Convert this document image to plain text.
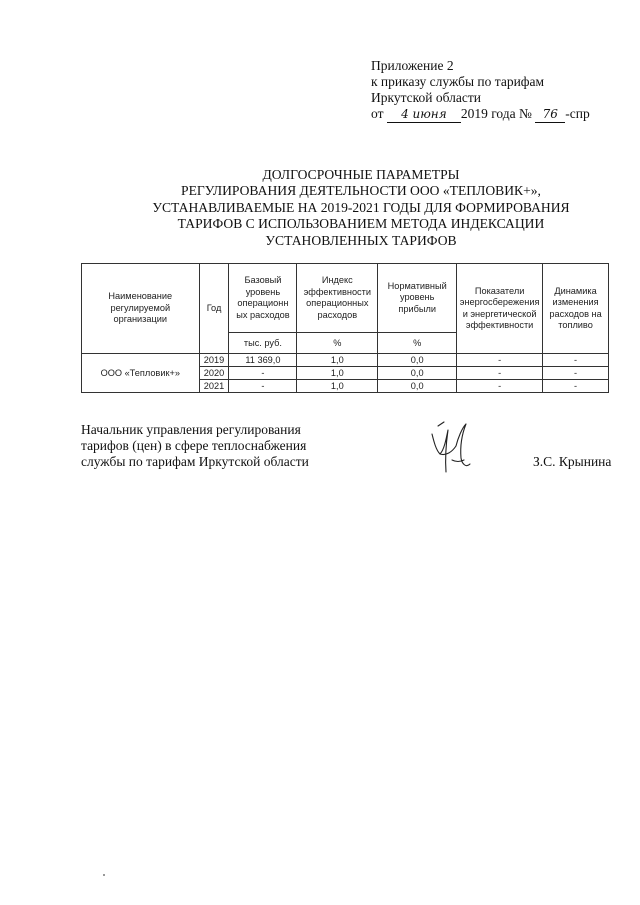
Приложение 2
к приказу службы по тарифам
Иркутской области
от 4 июня 2019 года № 76 -спр
ДОЛГОСРОЧНЫЕ ПАРАМЕТРЫ
РЕГУЛИРОВАНИЯ ДЕЯТЕЛЬНОСТИ ООО «ТЕПЛОВИК+»,
УСТАНАВЛИВАЕМЫЕ НА 2019-2021 ГОДЫ ДЛЯ ФОРМИРОВАНИЯ
ТАРИФОВ С ИСПОЛЬЗОВАНИЕМ МЕТОДА ИНДЕКСАЦИИ
УСТАНОВЛЕННЫХ ТАРИФОВ
Наименование регулируемой организации	Год	Базовый уровень операционн ых расходов	Индекс эффективности операционных расходов	Нормативный уровень прибыли	Показатели энергосбережения и энергетической эффективности	Динамика изменения расходов на топливо
		тыс. руб.	%	%		
ООО «Тепловик+»	2019	11 369,0	1,0	0,0	-	-
	2020	-	1,0	0,0	-	-
	2021	-	1,0	0,0	-	-
Начальник управления регулирования
тарифов (цен) в сфере теплоснабжения
службы по тарифам Иркутской области	З.С. Крынина
